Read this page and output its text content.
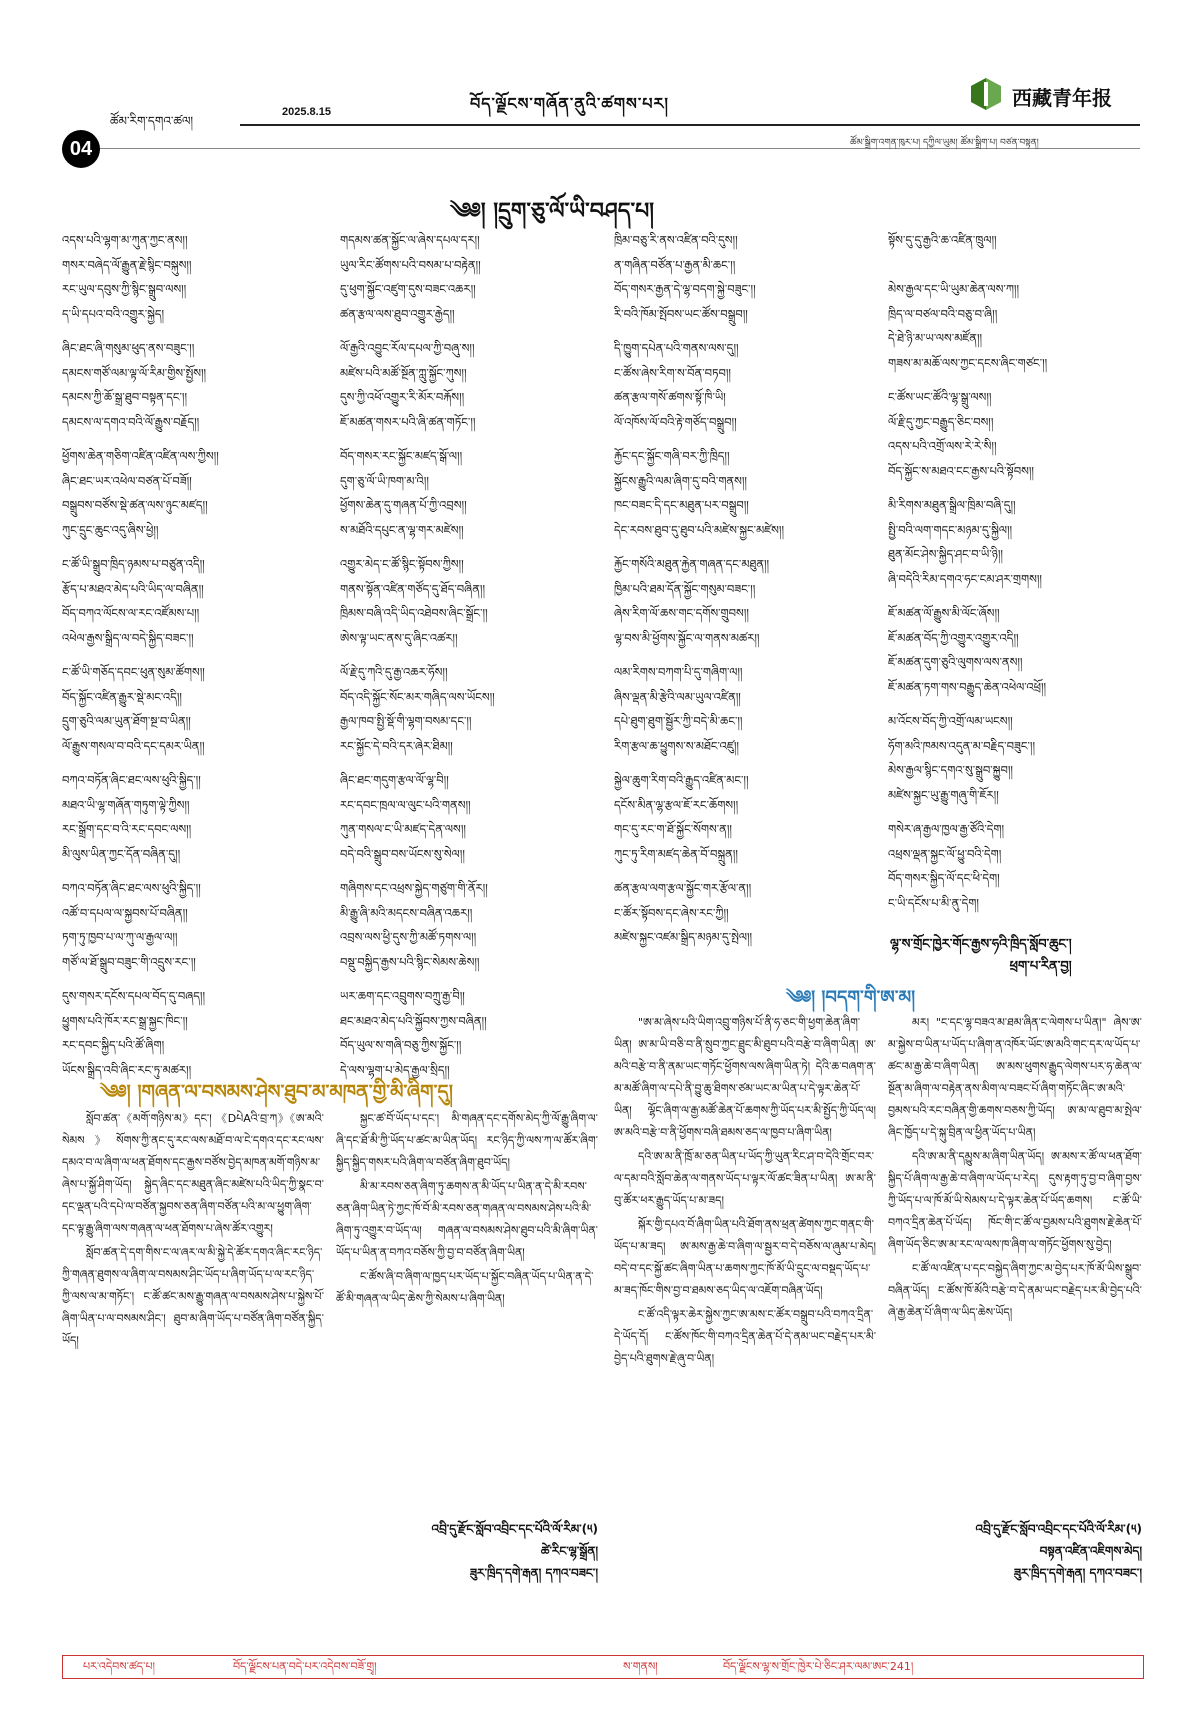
04
ཚོམ་རིག་དགའ་ཚལ།
2025.8.15	བོད་ལྗོངས་གཞོན་ནུའི་ཚགས་པར།	西藏青年报
ཚོམ་སྒྲིག་འགན་ཁུར་པ། དཀྱིལ་ཡུམ། ཚོམ་སྒྲིག་པ། བཙན་བསྟན།
༄༅། །དྲུག་ཅུ་ལོ་ཡི་བཤད་པ།
འདས་པའི་ལྷག་མ་ཀུན་ཀྱང་ནས།།
གསར་བཞེད་ལོ་རྒྱུན་རྗེ་སྙིང་བསྐུས།།
རང་ཡུལ་དབུས་ཀྱི་སྙིང་སྒྲུབ་ལས།།
ད་ཡི་དཔའ་བའི་འགྱུར་སྐྱེད།
ཞིང་ཐང་ཞི་གསུམ་ཕུད་ནས་བཟུང་།།
དམངས་གཙོ་ལམ་ལྟ་ལོ་རིམ་གྱིས་སྤྱོས།།
དམངས་ཀྱི་ཆོ་སྒྲ་ཐུབ་བསྟན་དང་།།
དམངས་ལ་དགའ་བའི་ལོ་རྒྱུས་བརྗོད།།
ཕྱོགས་ཆེན་གཅིག་འཛིན་འཛིན་ལས་ཀྱིས།།
ཞིང་ཐང་ཡར་འཕེལ་བཙན་པོ་བཟོ།།
བསྒྲུབས་བཙོས་སྡེ་ཚན་ལས་ཉུང་མཛད།།
ཀུང་དྲུང་ཆུང་འདུ་ཞིས་ཕྱེ།།
ང་ཚོ་ཡི་སྒྲུབ་ཁྲིད་ཉམས་པ་བཙུན་འདི།།
རྩོད་པ་མཐའ་མེད་པའི་ཡིད་ལ་བཞིན།།
བོད་བཀའ་ལོངས་ལ་རང་འཛོམས་པ།།
འཕེལ་རྒྱས་སྒྲིད་ལ་བདེ་སྐྱིད་བཟང་།།
ང་ཚོ་ཡི་གཅོད་དབང་ཕུན་སུམ་ཚོགས།།
བོད་སྐྱོང་འཛིན་རྒྱུར་སྡེ་མང་འདི།།
དྲུག་ཅུའི་ལམ་ཡུན་ཐོག་སྔ་བ་ཡིན།།
ལོ་རྒྱུས་གསལ་བ་བའི་དང་དམར་ཡིན།།
བཀའ་བཏོན་ཞིང་ཐང་ལས་ཕུའི་སྐྱིད་།།
མཐའ་ཡི་ལྷ་གཞོན་གཏུག་ལྟེ་ཀྱིས།།
རང་སྒྲོག་དང་བ་འི་རང་དབང་ལས།།
མི་ལུས་ཡིན་ཀྱང་དོན་བཞིན་དུ།།
བཀའ་བཏོན་ཞིང་ཐང་ལས་ཕུའི་སྐྱིད་།།
འཚོ་བ་དཔལ་ལ་སྐྱབས་པོ་བཞིན།།
ཏག་ཏུ་ཁྱབ་པ་ལ་ཀུ་ལ་རྒྱལ་ལ།།
གཙོ་ལ་ཐོ་སྒྲུབ་བཟུང་གི་འདྲུས་རང་།།
དུས་གསར་དངོས་དཔལ་བོད་དུ་བཞད།།
ཕྱུགས་པའི་ཁོར་རང་སྒྲ་སྐྱང་ཁིང་།།
རང་དབང་སྐྱིད་པའི་ཚོ་ཞིག།
ཡོངས་སྒྲིད་འབི་ཞིང་རང་ཏུ་མཚར།།
གདམས་ཚན་སྐྱོང་ལ་ཞེས་དཔལ་དར།།
ཡུལ་རིང་ཚོགས་པའི་བསམ་པ་བརྟེན།།
དུ་ཕུག་སྐྱོང་འཛུག་དུས་བཟང་འཆར།།
ཚན་རྩལ་ལས་ཐུབ་འགྱུར་རྒྱེད།།
ལོ་རྒྱའི་འབྱུང་རོལ་དཔལ་ཀྱི་བཞུ་ས།།
མཛེས་པའི་མཚོ་སྔོན་ཀླུ་སྐྱོང་ཀུས།།
དུས་ཀྱི་འཕོ་འགྱུར་རི་མོར་བརྐོས།།
ཇོ་མཚན་གསར་པའི་ཞི་ཚན་གཏོང་།།
བོད་གསར་རང་སྐྱོང་མཛད་སྒོ་ལ།།
དུག་ཅུ་ལོ་ཡི་ཁག་མ་འི།།
ཕྱོགས་ཆེན་དུ་གཞན་པོ་ཀྱི་འབྲས།།
ས་མཐོའི་དཔུང་ན་ལྷ་གར་མཛེས།།
འགྱུར་མེད་ང་ཚོ་སྙིང་སྟོབས་ཀྱིས།།
གནས་སྟོན་འཛིན་གཙོད་དུ་ཐོད་བཞིན།།
ཁྲིམས་བཞི་འདི་ཡིད་འཐེབས་ཞིང་སྒྲོང་།།
ཨེས་ལྟ་ཡང་ནས་དུ་ཞིང་འཚར།།
ལོ་རྗེ་དུ་ཀའི་དུ་རྒྱ་འཆར་ཧོས།།
བོད་འདི་སྐྱོང་སོང་མར་གཞིད་ལས་ཡོངས།།
རྒྱལ་ཁབ་སྤྱི་སྡོ་གི་ལྷག་བསམ་དང་།།
རང་སྐྱོང་དེ་བའི་དར་ཞེར་ཐིམ།།
ཞིང་ཐང་གདུག་རྩལ་ལོ་ལྷ་བི།།
རང་དབང་ཁྲལ་ལ་ལུང་པའི་གནས།།
ཀུན་གསལ་ང་ཡི་མཛད་དེན་ལས།།
བདེ་བའི་སྒྲུབ་བས་ཡོངས་སུ་སེལ།།
གཞིགས་དང་འཕྲས་སྐྱེད་གཙུག་གི་ནོར།།
མི་རྒྱུ་ཞི་མའི་མདངས་བཞིན་འཆར།།
འབྲས་ལས་ཕྱི་དུས་ཀྱི་མཚོ་ཏགས་ལ།།
བསྡུ་བསྐྱིད་རྒྱས་པའི་སྙིང་སེམས་ཆེས།།
ཡར་ཆག་དང་འབྲུགས་བཀྲུ་རྒྱ་བི།།
ཐང་མཐའ་མེད་པའི་སྐྱོབས་ཀྱས་བཞིན།།
བོད་ཡུལ་ས་གཞི་བཅུ་ཀྱིས་སྐྱོང་།།
དེ་ལས་ལྷག་པ་མེད་རྒྱལ་སྲིད།།
ཁྲིམ་བཅུ་རི་ནས་འཛིན་བའི་དུས།།
ན་གཞིན་བཙོན་པ་རྒྱན་མི་ཆང་།།
བོད་གསར་རྒྱན་དེ་ལྷ་བདག་སྐྱེ་བཟུང་།།
རི་བའི་ཁོམ་སྤོབས་ཡང་ཚོས་བསྒྲུབ།།
དི་ཁྱུག་དཔེན་པའི་གནས་ལས་དུ།།
ང་ཚོས་ཞེས་རིག་ས་བོན་བཏབ།།
ཚན་རྩལ་གསོ་ཚགས་སྟོ་ཁི་ཡི།
ལོ་འཁོས་ལོ་བའི་རྟེ་གཙོད་བསྒྲུབ།།
རྐྱོང་དང་སྐྱོང་གཞི་བར་ཀྱི་ཁྲིད།།
སྐྱོངས་རྒྱུའི་ལམ་ཞིག་དུ་བའི་གནས།།
ཁང་བཟང་དི་དང་མཐུན་པར་བསྒྲུབ།།
དེང་རབས་ཐུབ་དུ་ཐུབ་པའི་མཛེས་སྐྱང་མཛེས།།
རྐྱོང་གསོའི་མཐུན་རྐྱེན་གཞན་དང་མཐུན།།
ཁྱིམ་པའི་ཐམ་དོན་སྐྱོང་གསུམ་བཟང་།།
ཞེས་རིག་ལོ་ཆས་གང་དགོས་གྲུབས།།
ལྷ་བས་མི་ཕྱོགས་སྐྱོང་ལ་གནས་མཚར།།
ལམ་རིགས་བཀག་པི་དུ་གཞིག་ལ།།
ཞིས་ལྡན་མི་རྩེའི་ལམ་ཡུལ་འཛིན།།
དཔེ་ཐུག་ཐུག་སྦྱོར་ཀྱི་བདེ་མི་ཆང་།།
རིག་རྩལ་ཆ་ཕྱུགས་ས་མཐོང་འཛུ།།
སྐྱེལ་ཆུག་རིག་བའི་རྒྱུད་འཛིན་མང་།།
དངོས་མིན་ལྷ་རྩལ་ཇོ་རང་ཆོགས།།
གང་དུ་རང་ག་ཐོ་སྐྱོང་སོགས་ན།།
ཀུང་ཏུ་རིག་མཛད་ཆེན་བོ་བསྐྲུན།།
ཚན་རྩལ་ལག་རྩལ་སྐྱོང་གར་རྩོལ་ན།།
ང་ཚོར་སྟོབས་དང་ཞེས་རང་ཀྱི།།
མཛེས་སྐྱང་འཛམ་སྒྲིད་མཉམ་དུ་སྤེལ།།

སྟོས་དུ་དུ་རྒྱའི་ཆ་འཛིན་ཁྲུལ།།

མེས་རྒྱལ་དང་ཡི་ཡུམ་ཆེན་ལས་ཀ།།
ཁྲིད་ལ་བཙལ་བའི་བཅུ་བ་ཞི།།
དེ་ཐེ་ཉི་མ་ཡ་ལས་མཛོན།།
གཟས་མ་མཆོ་ལས་ཀྱང་དངས་ཞིང་གཙང་།།
ང་ཚོས་ཡང་ཚོའི་ལྷ་སྒྲུ་ལས།།
ལོ་རྗི་དུ་ཀྱང་བརྒྱུད་ཅིང་བས།།
འདས་པའི་འགྲོ་ལས་རེ་རེ་སི།།
བོད་སྐྱོང་ས་མཐའ་ངང་རྒྱས་པའི་སྟོབས།།
མི་རིགས་མཐུན་སྒྲིལ་ཁྲིམ་བཞི་དུ།།
སྤྱི་བའི་ལག་གདང་མཉམ་དུ་སྐྱིལ།།
ཐུན་མོང་ཤེས་སྐྱིད་ཤང་བ་ཡི་ཉི།།
ཞི་བདེའི་རིམ་དགའ་ཧང་ངམ་ཤར་གྲགས།།
ཇོ་མཚན་ལོ་རྒྱུས་མི་ལོང་ཞོས།།
ཇོ་མཚན་བོད་ཀྱི་འགྱུར་འགྱུར་འདི།།
ཇོ་མཚན་དུག་ཅུའི་ལུགས་ལས་ནས།།
ཇོ་མཚན་ཏག་གས་བརྒྱུད་ཆེན་འཕེལ་འཕྲོ།།
མ་འོངས་བོད་ཀྱི་འགྲོ་ལམ་ཡངས།།
ཧོག་མའི་ཁམས་འདུན་མ་བརྗིད་བཟུང་།།
མེས་རྒྱལ་སྙིང་དགའ་སུ་སྒྲུབ་སྐྱུབ།།
མཛེས་སྐྱང་ཡུ་རྒྱུ་གཞུ་གི་ཇོར།།
གསེར་ཞ་རྒྱལ་ཁྱལ་རྒྱ་ཙོའི་དེག།
འཕྲས་ལྡན་སྐྱང་ལོ་ཕྱུ་བའི་དེག།
བོད་གསར་སྐྱིད་ལོ་དང་ཕི་དེག།
ང་ཡི་དངོས་པ་མི་ནུ་དེག།
ལྷ་ས་གྲོང་ཁྱེར་གོང་རྒྱས་ཧའི་ཁྲིད་སློབ་ཆུང་།
ཕྲག་པ་རིན་བྱ།
༄༅། །བདག་གི་ཨ་མ།

"ཨ་མ་ཞེས་པའི་ཡིག་འབྲུ་གཉིས་པོ་ནི་ཧ་ཅང་གི་ཕྱག་ཆེན་ཞིག་ཡིན། ཨ་མ་ཡི་བཅི་བ་ནི་སྲུབ་ཀྱང་ཐྲུང་མི་ཐུབ་པའི་བརྩེ་བ་ཞིག་ཡིན། ཨ་མའི་བརྩེ་བ་ནི་ནམ་ཡང་གཏོང་ཕྱོགས་ལས་ཞིག་ཡིན་ཏེ། དེའི་ཆ་བཞག་ན་མ་མཚོ་ཞིག་ལ་དཔེ་ནི་བྱུ་ཆུ་ཐིགས་ཙམ་ཡང་མ་ཡིན་པ་དེ་ལྟར་ཆེན་པོ་ཡིན། ལྷོང་ཞིག་ལ་རྒྱ་མཚོ་ཆེན་པོ་ཆགས་ཀྱི་ཡོད་པར་མི་སྤྱོད་ཀྱི་ཡོད་ལ། ཨ་མའི་བརྩེ་བ་ནི་ཕྱོགས་བཞི་ཐམས་ཅད་ལ་ཁྱབ་པ་ཞིག་ཡིན།

དའི་ཨ་མ་ནི་ཁྲོ་མ་ཅན་ཡིན་པ་ཡོད་ཀྱི་ཡུན་རིང་ཤ་བ་དེའི་གྲོང་བར་ལ་དམ་བའི་སློབ་ཆེན་ལ་གནས་ཡོད་པ་ལྟར་ལོ་ཚང་ཟིན་པ་ཡིན། ཨ་མ་ནི་བུ་ཚོར་ཕར་རྒྱུད་ཡོད་པ་མ་ཟད།

སྐོར་གྱི་དཔའ་བོ་ཞིག་ཡིན་པའི་ཐོག་ནས་ཕྲན་ཚེགས་ཀྱང་གནང་གི་ཡོད་པ་མ་ཟད། ཨ་མས་རྒྱ་ཆེ་བ་ཞིག་ལ་སྦྱར་བ་དེ་བཅོས་ལ་ཞུམ་པ་མེད། བདེ་བ་དང་སྐྱོ་ཚང་ཞིག་ཡིན་པ་ཆགས་ཀྱང་ཁོ་མོ་ཡི་དྲུང་ལ་བསྡད་ཡོད་པ་མ་ཟད་ཁོང་གིས་བྱ་བ་ཐམས་ཅད་ཡིད་ལ་འཇོག་བཞིན་ཡོད།

ང་ཚོ་འདི་ལྟར་ཆེར་སྐྱེས་ཀྱང་ཨ་མས་ང་ཚོར་བསྒྲུབ་པའི་བཀའ་དྲིན་དེ་ཡོད་དོ། ང་ཚོས་ཁོང་གི་བཀའ་དྲིན་ཆེན་པོ་དེ་ནམ་ཡང་བརྗེད་པར་མི་བྱེད་པའི་ཐུགས་རྗེ་ཞུ་བ་ཡིན།

མར། "ང་དང་ལྷ་བཟའ་མ་ཐམ་ཞིན་ང་ལེགས་པ་ཡིན།" ཞེས་ཨ་མ་སྐྱེས་བ་ཡིན་པ་ཡོད་པ་ཞིག་ན་འཁོར་ཡོང་ཨ་མའི་གང་དར་ལ་ཡོད་པ་ཚང་མ་རྒྱ་ཆེ་བ་ཞིག་ཡིན། ཨ་མས་ཕུགས་རྒྱུད་ལེགས་པར་ཧ་ཆེན་ལ་སྔོན་མ་ཞིག་ལ་བརྟེན་ནས་མིག་ལ་བཟང་པོ་ཞིག་གཏོང་ཞིང་ཨ་མའི་བྱམས་པའི་རང་བཞིན་གྱི་ཆགས་བཅས་ཀྱི་ཡོད། ཨ་མ་ལ་ཐུབ་མ་སྤེལ་ཞིང་ཁྱོད་པ་དེ་སྐུ་བྲིན་ལ་ཕྱིན་ཡོད་པ་ཡིན།

དའི་ཨ་མ་ནི་དམྱུས་མ་ཞིག་ཡིན་ཡོད། ཨ་མས་ར་ཚོ་ལ་ཕན་ཐོག་སྐྱིད་པོ་ཞིག་ལ་རྒྱ་ཆེ་བ་ཞིག་ལ་ཡོད་པ་རེད། དུས་རྟག་ཏུ་བྱ་བ་ཞིག་བྱས་ཀྱི་ཡོད་པ་ལ་ཁོ་མོ་ཡི་སེམས་པ་དེ་ལྟར་ཆེན་པོ་ཡོད་ཆགས། ང་ཚོ་ཡི་བཀའ་དྲིན་ཆེན་པོ་ཡོད། ཁོང་གི་ང་ཚོ་ལ་བྱམས་པའི་ཐུགས་རྗེ་ཆེན་པོ་ཞིག་ཡོད་ཅིང་ཨ་མ་རང་ལ་ལས་ཁ་ཞིག་ལ་གཏོང་ཕྱོགས་སུ་བྱེད།

ང་ཚོ་ལ་འཛིན་པ་དང་བསྐྱེད་ཞིག་ཀྱང་མ་བྱེད་པར་ཁོ་མོ་ཡིས་སྒྲུབ་བཞིན་ཡོད། ང་ཚོས་ཁོ་མོའི་བརྩེ་བ་དེ་ནམ་ཡང་བརྗེད་པར་མི་བྱེད་པའི་ཞེ་རྒྱ་ཆེན་པོ་ཞིག་ལ་ཡིད་ཆེས་ཡོད།

འབྲི་དུ་རྫོང་སློབ་འབྲིང་དང་པོའི་ལོ་རིམ་(༥)
བསྟན་འཛིན་འཇིགས་མེད།
ཟུར་ཁྲིད་དགེ་རྒན། དཀའ་བཟང་།
༄༅། །གཞན་ལ་བསམས་ཤེས་ཐུབ་མ་མཁན་གྱི་མི་ཞིག་དུ།

སློབ་ཚན་《མགོ་གཉིས་མ》དང་། 《DཔེAའི་བྲ་ཀ》《ཨ་མའི་སེམས》སོགས་ཀྱི་ནང་དུ་རང་ལས་མཐོ་བ་ལ་ངེ་དགའ་དང་རང་ལས་དམའ་བ་ལ་ཞིག་ལ་ཕན་ཐོགས་དང་རྒྱས་བཙོས་བྱེད་མཁན་མགོ་གཉིས་མ་ཞེས་པ་སྐྱོ་ཤིག་ཡོད། སྐྱེད་ཞིང་དང་མཐུན་ཞིང་མཛེས་པའི་ཡིད་ཀྱི་སྣང་བ་དང་ལྡན་པའི་དཔེ་ལ་བཙོན་སྐྱབས་ཅན་ཞིག་བཙོན་པའི་མ་ལ་ཕྱུག་ཞིག་དང་ལྟ་རྒྱུ་ཞིག་ལས་གཞན་ལ་ཕན་ཐོགས་པ་ཞེས་ཚོར་འགྱུར།

སློབ་ཚན་དེ་དག་གིས་ང་ལ་ཞར་ལ་མི་སྐྱེ་དེ་ཚོར་དགའ་ཞིང་རང་ཉིད་ཀྱི་གཞན་ཐུགས་ལ་ཞིག་ལ་བསམས་ཤིང་ཡོད་པ་ཞིག་ཡོད་པ་ལ་རང་ཉིད་ཀྱི་ལས་ལ་མ་གཏོང་། ང་ཚོ་ཚང་མས་རྒྱུ་གཞན་ལ་བསམས་ཤེས་པ་སྐྱེས་པོ་ཞིག་ཡིན་པ་ལ་བསམས་ཤིང་། ཐུབ་མ་ཞིག་ཡོད་པ་བཙོན་ཞིག་བཙོན་སྐྱིད་ཡོད།

སྐྱང་ཚ་བོ་ཡོད་པ་དང་། མི་གཞན་དང་དགོས་མེད་ཀྱི་ལོ་རྒྱུ་ཞིག་ལ་ཞི་དང་ཐོ་མི་ཀྱི་ཡོད་པ་ཚང་མ་ཡིན་ཡོད། རང་ཉིད་ཀྱི་ལས་ཀ་ལ་ཚོར་ཞིག་སྐྱིད་སྐྱིད་གསར་པའི་ཞིག་ལ་བཙོན་ཞིག་ཐུབ་ཡོད།

མི་མ་རབས་ཅན་ཞིག་ཏུ་ཆགས་ན་མི་ཡོད་པ་ཡིན་ན་དེ་མི་རབས་ཅན་ཞིག་ཡིན་ཏེ་ཀྱང་ཁོ་བོ་མི་རབས་ཅན་གཞན་ལ་བསམས་ཤེས་པའི་མི་ཞིག་ཏུ་འགྱུར་བ་ཡོད་ལ། གཞན་ལ་བསམས་ཤེས་ཐུབ་པའི་མི་ཞིག་ཡིན་ཡོད་པ་ཡིན་ན་བཀའ་བཅོས་ཀྱི་བྱ་བ་བཙོན་ཞིག་ཡིན།

ང་ཚོས་ཞི་བ་ཞིག་ལ་ཁྱད་པར་ཡོད་པ་སྐྱོང་བཞིན་ཡོད་པ་ཡིན་ན་དེ་ཚོ་མི་གཞན་ལ་ཡིད་ཆེས་ཀྱི་སེམས་པ་ཞིག་ཡིན།

འབྲི་དུ་རྫོང་སློབ་འབྲིང་དང་པོའི་ལོ་རིམ་(༥)
ཚེ་རིང་ལྷ་སྒྲོན།
ཟུར་ཁྲིད་དགེ་རྒན། དཀའ་བཟང་།
པར་འདེབས་ཚད་པ།	བོད་ལྗོངས་པན་བདེ་པར་འདེབས་བཟོ་གྲྭ།	ས་གནས།	བོད་ལྗོངས་ལྷ་ས་གྲོང་ཁྱེར་པེ་ཅིང་ཤར་ལམ་ཨང་241།
